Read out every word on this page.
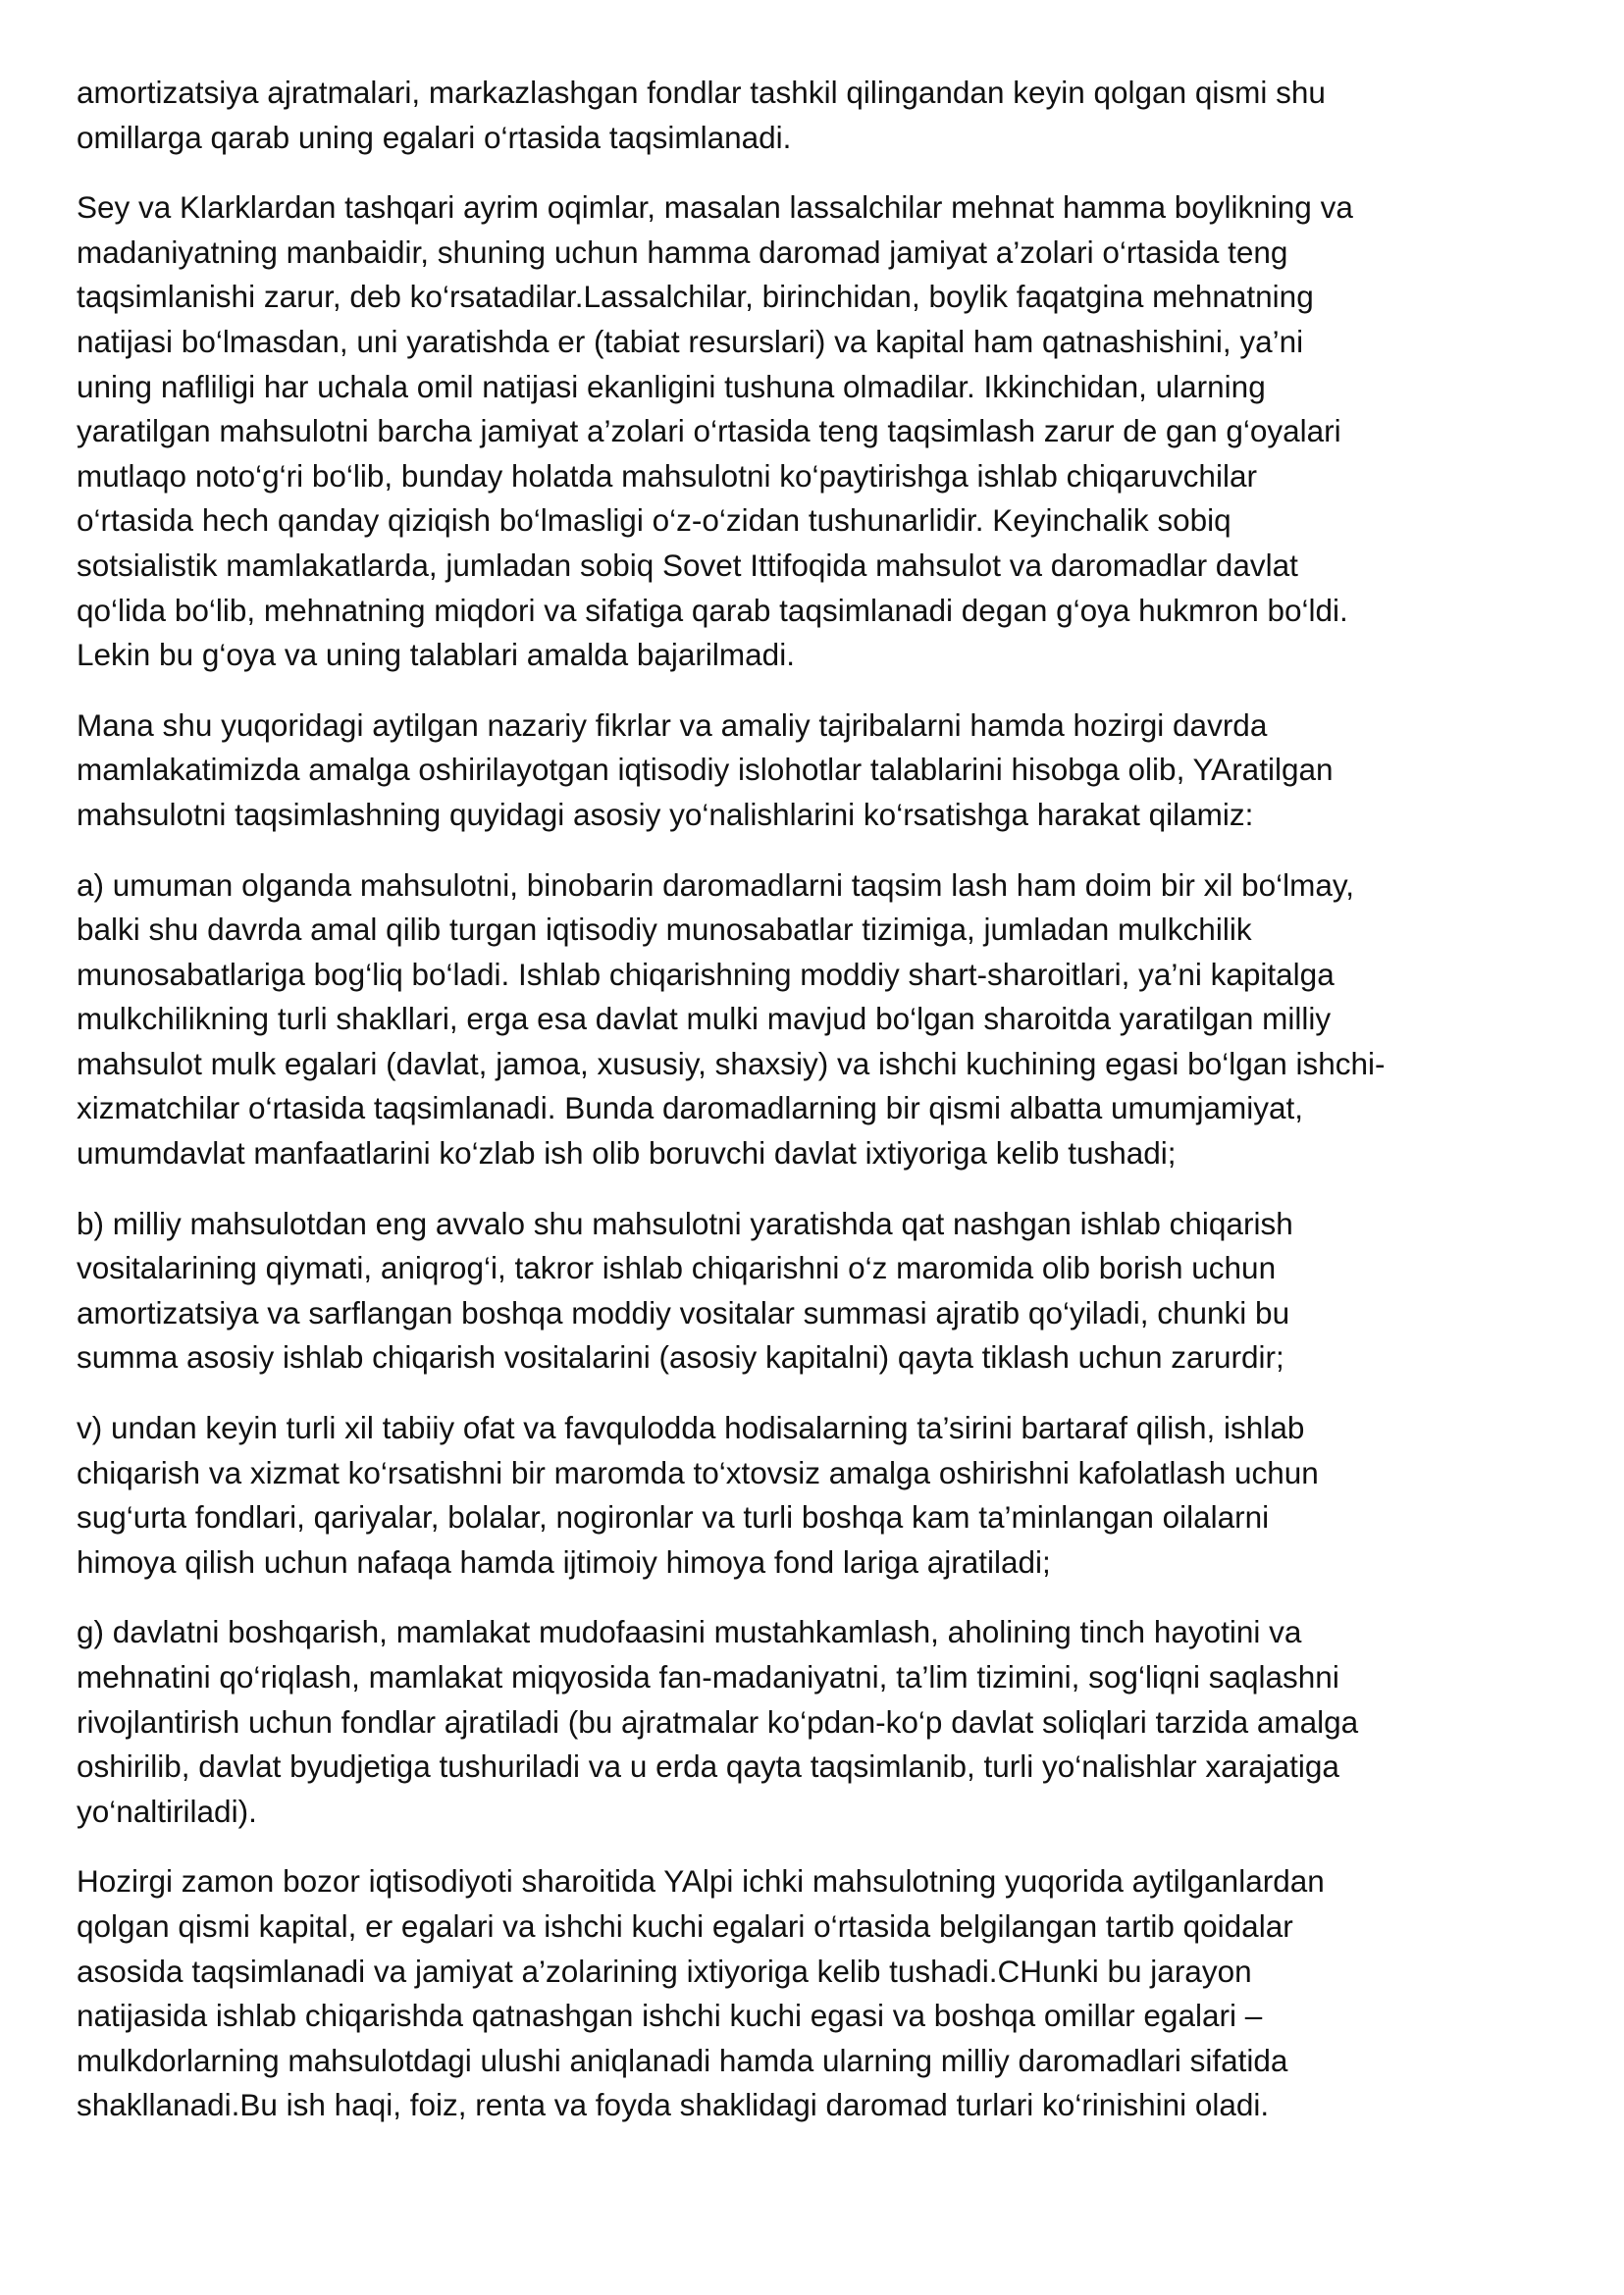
amortizatsiya ajratmalari, markazlashgan fondlar tashkil qilingandan keyin qolgan qismi shu
omillarga qarab uning egalari o‘rtasida taqsimlanadi.

Sey va Klarklardan tashqari ayrim oqimlar, masalan lassalchilar mehnat hamma boylikning va
madaniyatning manbaidir, shuning uchun hamma daromad jamiyat a’zolari o‘rtasida teng
taqsimlanishi zarur, deb ko‘rsatadilar.Lassalchilar, birinchidan, boylik faqatgina mehnatning
natijasi bo‘lmasdan, uni yaratishda er (tabiat resurslari) va kapital ham qatnashishini, ya’ni
uning nafliligi har uchala omil natijasi ekanligini tushuna olmadilar. Ikkinchidan, ularning
yaratilgan mahsulotni barcha jamiyat a’zolari o‘rtasida teng taqsimlash zarur de gan g‘oyalari
mutlaqo noto‘g‘ri bo‘lib, bunday holatda mahsulotni ko‘paytirishga ishlab chiqaruvchilar
o‘rtasida hech qanday qiziqish bo‘lmasligi o‘z-o‘zidan tushunarlidir. Keyinchalik sobiq
sotsialistik mamlakatlarda, jumladan sobiq Sovet Ittifoqida mahsulot va daromadlar davlat
qo‘lida bo‘lib, mehnatning miqdori va sifatiga qarab taqsimlanadi degan g‘oya hukmron bo‘ldi.
Lekin bu g‘oya va uning talablari amalda bajarilmadi.

Mana shu yuqoridagi aytilgan nazariy fikrlar va amaliy tajribalarni hamda hozirgi davrda
mamlakatimizda amalga oshirilayotgan iqtisodiy islohotlar talablarini hisobga olib, YAratilgan
mahsulotni taqsimlashning quyidagi asosiy yo‘nalishlarini ko‘rsatishga harakat qilamiz:

a) umuman olganda mahsulotni, binobarin daromadlarni taqsim lash ham doim bir xil bo‘lmay,
balki shu davrda amal qilib turgan iqtisodiy munosabatlar tizimiga, jumladan mulkchilik
munosabatlariga bog‘liq bo‘ladi. Ishlab chiqarishning moddiy shart-sharoitlari, ya’ni kapitalga
mulkchilikning turli shakllari, erga esa davlat mulki mavjud bo‘lgan sharoitda yaratilgan milliy
mahsulot mulk egalari (davlat, jamoa, xususiy, shaxsiy) va ishchi kuchining egasi bo‘lgan ishchi-
xizmatchilar o‘rtasida taqsimlanadi. Bunda daromadlarning bir qismi albatta umumjamiyat,
umumdavlat manfaatlarini ko‘zlab ish olib boruvchi davlat ixtiyoriga kelib tushadi;

b) milliy mahsulotdan eng avvalo shu mahsulotni yaratishda qat nashgan ishlab chiqarish
vositalarining qiymati, aniqrog‘i, takror ishlab chiqarishni o‘z maromida olib borish uchun
amortizatsiya va sarflangan boshqa moddiy vositalar summasi ajratib qo‘yiladi, chunki bu
summa asosiy ishlab chiqarish vositalarini (asosiy kapitalni) qayta tiklash uchun zarurdir;

v) undan keyin turli xil tabiiy ofat va favqulodda hodisalarning ta’sirini bartaraf qilish, ishlab
chiqarish va xizmat ko‘rsatishni bir maromda to‘xtovsiz amalga oshirishni kafolatlash uchun
sug‘urta fondlari, qariyalar, bolalar, nogironlar va turli boshqa kam ta’minlangan oilalarni
himoya qilish uchun nafaqa hamda ijtimoiy himoya fond lariga ajratiladi;

g) davlatni boshqarish, mamlakat mudofaasini mustahkamlash, aholining tinch hayotini va
mehnatini qo‘riqlash, mamlakat miqyosida fan-madaniyatni, ta’lim tizimini, sog‘liqni saqlashni
rivojlantirish uchun fondlar ajratiladi (bu ajratmalar ko‘pdan-ko‘p davlat soliqlari tarzida amalga
oshirilib, davlat byudjetiga tushuriladi va u erda qayta taqsimlanib, turli yo‘nalishlar xarajatiga
yo‘naltiriladi).

Hozirgi zamon bozor iqtisodiyoti sharoitida YAlpi ichki mahsulotning yuqorida aytilganlardan
qolgan qismi kapital, er egalari va ishchi kuchi egalari o‘rtasida belgilangan tartib qoidalar
asosida taqsimlanadi va jamiyat a’zolarining ixtiyoriga kelib tushadi.CHunki bu jarayon
natijasida ishlab chiqarishda qatnashgan ishchi kuchi egasi va boshqa omillar egalari –
mulkdorlarning mahsulotdagi ulushi aniqlanadi hamda ularning milliy daromadlari sifatida
shakllanadi.Bu ish haqi, foiz, renta va foyda shaklidagi daromad turlari ko‘rinishini oladi.
